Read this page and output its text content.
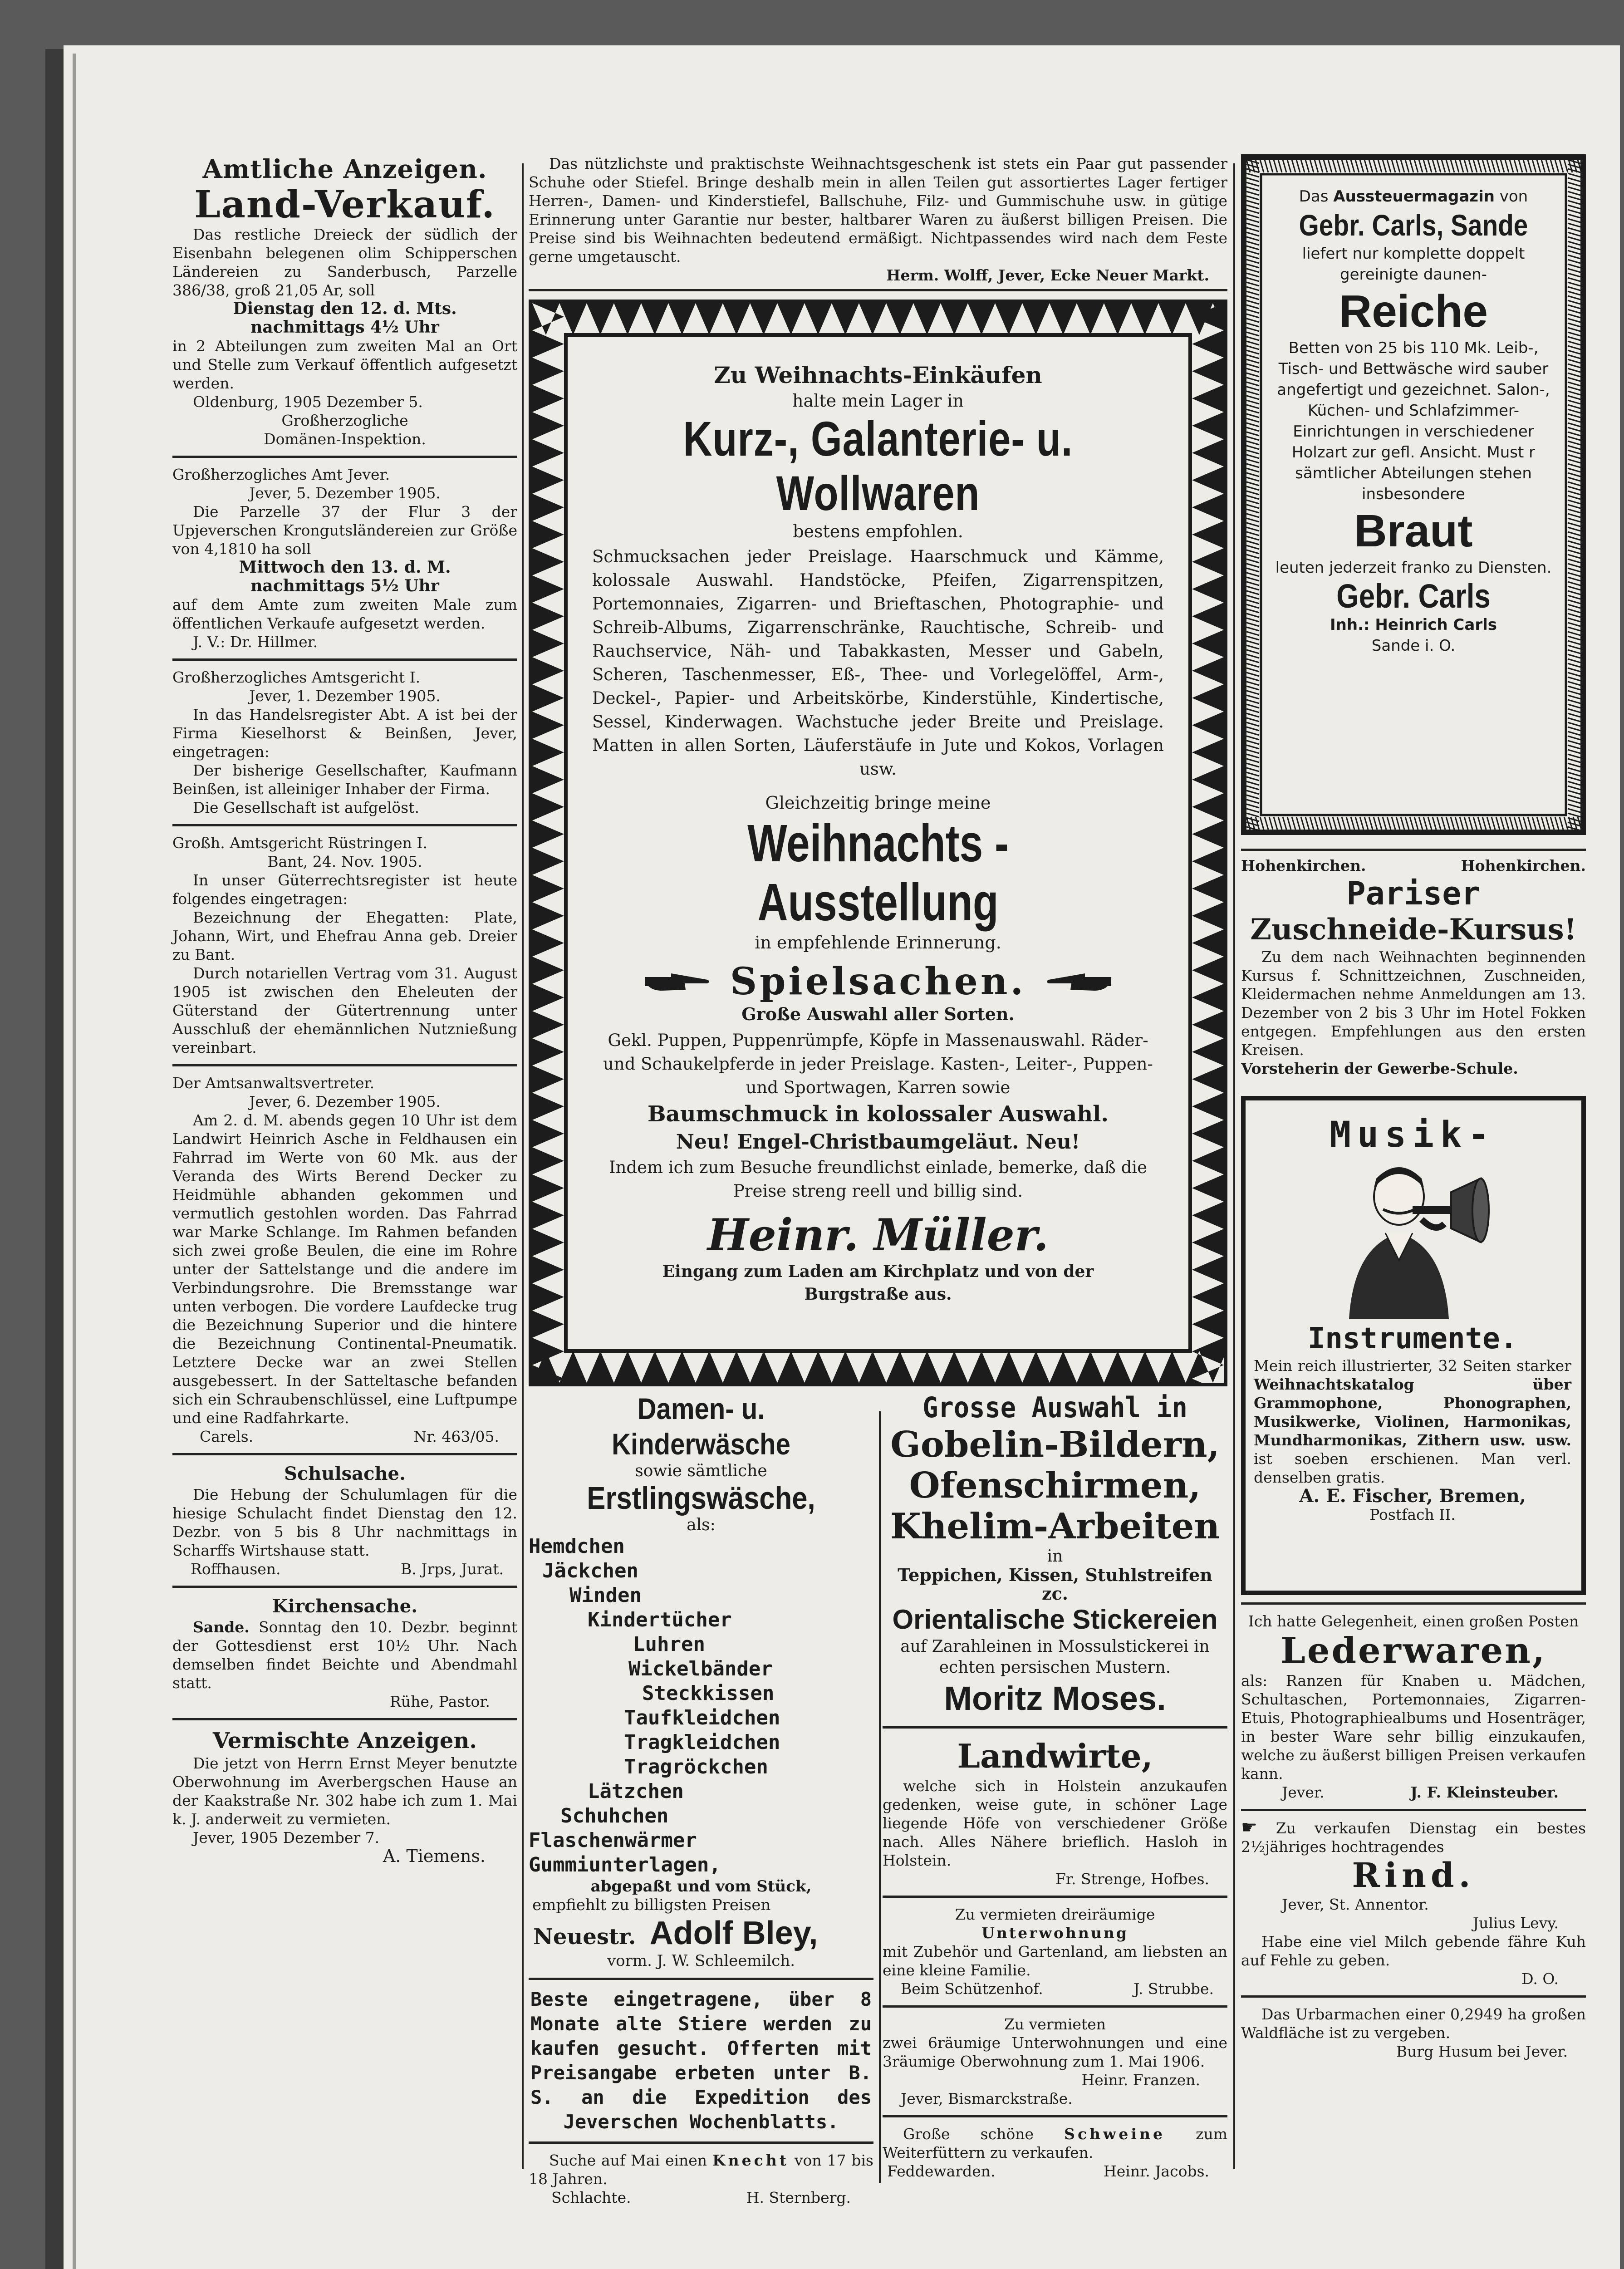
Amtliche Anzeigen.
Land-Verkauf.
Das restliche Dreieck der südlich der Eisenbahn belegenen olim Schipperschen Ländereien zu Sanderbusch, Parzelle 386/38, groß 21,05 Ar, soll
Dienstag den 12. d. Mts.
nachmittags 4½ Uhr
in 2 Abteilungen zum zweiten Mal an Ort und Stelle zum Verkauf öffentlich aufgesetzt werden.
Oldenburg, 1905 Dezember 5.
Großherzogliche
Domänen-Inspektion.
Großherzogliches Amt Jever.
Jever, 5. Dezember 1905.
Die Parzelle 37 der Flur 3 der Upjeverschen Krongutsländereien zur Größe von 4,1810 ha soll
Mittwoch den 13. d. M.
nachmittags 5½ Uhr
auf dem Amte zum zweiten Male zum öffentlichen Verkaufe aufgesetzt werden.
J. V.: Dr. Hillmer.
Großherzogliches Amtsgericht I.
Jever, 1. Dezember 1905.
In das Handelsregister Abt. A ist bei der Firma Kieselhorst & Beinßen, Jever, eingetragen:
Der bisherige Gesellschafter, Kaufmann Beinßen, ist alleiniger Inhaber der Firma.
Die Gesellschaft ist aufgelöst.
Großh. Amtsgericht Rüstringen I.
Bant, 24. Nov. 1905.
In unser Güterrechtsregister ist heute folgendes eingetragen:
Bezeichnung der Ehegatten: Plate, Johann, Wirt, und Ehefrau Anna geb. Dreier zu Bant.
Durch notariellen Vertrag vom 31. August 1905 ist zwischen den Eheleuten der Güterstand der Gütertrennung unter Ausschluß der ehemännlichen Nutznießung vereinbart.
Der Amtsanwaltsvertreter.
Jever, 6. Dezember 1905.
Am 2. d. M. abends gegen 10 Uhr ist dem Landwirt Heinrich Asche in Feldhausen ein Fahrrad im Werte von 60 Mk. aus der Veranda des Wirts Berend Decker zu Heidmühle abhanden gekommen und vermutlich gestohlen worden. Das Fahrrad war Marke Schlange. Im Rahmen befanden sich zwei große Beulen, die eine im Rohre unter der Sattelstange und die andere im Verbindungsrohre. Die Bremsstange war unten verbogen. Die vordere Laufdecke trug die Bezeichnung Superior und die hintere die Bezeichnung Continental-Pneumatik. Letztere Decke war an zwei Stellen ausgebessert. In der Satteltasche befanden sich ein Schraubenschlüssel, eine Luftpumpe und eine Radfahrkarte.
Carels.	Nr. 463/05.
Schulsache.
Die Hebung der Schulumlagen für die hiesige Schulacht findet Dienstag den 12. Dezbr. von 5 bis 8 Uhr nachmittags in Scharffs Wirtshause statt.
Roffhausen.	B. Jrps, Jurat.
Kirchensache.
Sande. Sonntag den 10. Dezbr. beginnt der Gottesdienst erst 10½ Uhr. Nach demselben findet Beichte und Abendmahl statt.
Rühe, Pastor.
Vermischte Anzeigen.
Die jetzt von Herrn Ernst Meyer benutzte Oberwohnung im Averbergschen Hause an der Kaakstraße Nr. 302 habe ich zum 1. Mai k. J. anderweit zu vermieten.
Jever, 1905 Dezember 7.
A. Tiemens.
Das nützlichste und praktischste Weihnachtsgeschenk ist stets ein Paar gut passender Schuhe oder Stiefel. Bringe deshalb mein in allen Teilen gut assortiertes Lager fertiger Herren-, Damen- und Kinderstiefel, Ballschuhe, Filz- und Gummischuhe usw. in gütige Erinnerung unter Garantie nur bester, haltbarer Waren zu äußerst billigen Preisen. Die Preise sind bis Weihnachten bedeutend ermäßigt. Nichtpassendes wird nach dem Feste gerne umgetauscht.
Herm. Wolff, Jever, Ecke Neuer Markt.
Zu Weihnachts-Einkäufen
halte mein Lager in
Kurz-, Galanterie- u. Wollwaren
bestens empfohlen.
Schmucksachen jeder Preislage. Haarschmuck und Kämme, kolossale Auswahl. Handstöcke, Pfeifen, Zigarrenspitzen, Portemonnaies, Zigarren- und Brieftaschen, Photographie- und Schreib-Albums, Zigarrenschränke, Rauchtische, Schreib- und Rauchservice, Näh- und Tabakkasten, Messer und Gabeln, Scheren, Taschenmesser, Eß-, Thee- und Vorlegelöffel, Arm-, Deckel-, Papier- und Arbeitskörbe, Kinderstühle, Kindertische, Sessel, Kinderwagen. Wachstuche jeder Breite und Preislage. Matten in allen Sorten, Läuferstäufe in Jute und Kokos, Vorlagen usw.
Gleichzeitig bringe meine
Weihnachts - Ausstellung
in empfehlende Erinnerung.
Spielsachen.
Große Auswahl aller Sorten.
Gekl. Puppen, Puppenrümpfe, Köpfe in Massenauswahl. Räder- und Schaukelpferde in jeder Preislage. Kasten-, Leiter-, Puppen- und Sportwagen, Karren sowie
Baumschmuck in kolossaler Auswahl.
Neu! Engel-Christbaumgeläut. Neu!
Indem ich zum Besuche freundlichst einlade, bemerke, daß die Preise streng reell und billig sind.
Heinr. Müller.
Eingang zum Laden am Kirchplatz und von der Burgstraße aus.
Damen- u. Kinderwäsche
sowie sämtliche
Erstlingswäsche,
als:
Hemdchen
Jäckchen
Winden
Kindertücher
Luhren
Wickelbänder
Steckkissen
Taufkleidchen
Tragkleidchen
Tragröckchen
Lätzchen
Schuhchen
Flaschenwärmer
Gummiunterlagen,
abgepaßt und vom Stück,
empfiehlt zu billigsten Preisen
Neuestr. Adolf Bley,
vorm. J. W. Schleemilch.
Beste eingetragene, über 8 Monate alte Stiere werden zu kaufen gesucht. Offerten mit Preisangabe erbeten unter B. S. an die Expedition des Jeverschen Wochenblatts.
Suche auf Mai einen Knecht von 17 bis 18 Jahren.
Schlachte.	H. Sternberg.
Grosse Auswahl in
Gobelin-Bildern,
Ofenschirmen,
Khelim-Arbeiten
in
Teppichen, Kissen, Stuhlstreifen zc.
Orientalische Stickereien
auf Zarahleinen in Mossulstickerei in echten persischen Mustern.
Moritz Moses.
Landwirte,
welche sich in Holstein anzukaufen gedenken, weise gute, in schöner Lage liegende Höfe von verschiedener Größe nach. Alles Nähere brieflich. Hasloh in Holstein.
Fr. Strenge, Hofbes.
Zu vermieten dreiräumige
Unterwohnung
mit Zubehör und Gartenland, am liebsten an eine kleine Familie.
Beim Schützenhof.	J. Strubbe.
Zu vermieten
zwei 6räumige Unterwohnungen und eine 3räumige Oberwohnung zum 1. Mai 1906.
Heinr. Franzen.
Jever, Bismarckstraße.
Große schöne Schweine zum Weiterfüttern zu verkaufen.
Feddewarden.	Heinr. Jacobs.
Das Aussteuermagazin von
Gebr. Carls, Sande
liefert nur komplette doppelt gereinigte daunen-
Reiche
Betten von 25 bis 110 Mk. Leib-, Tisch- und Bettwäsche wird sauber angefertigt und gezeichnet. Salon-, Küchen- und Schlafzimmer-Einrichtungen in verschiedener Holzart zur gefl. Ansicht. Must r sämtlicher Abteilungen stehen insbesondere
Braut
leuten jederzeit franko zu Diensten.
Gebr. Carls
Inh.: Heinrich Carls
Sande i. O.
Hohenkirchen.	Hohenkirchen.
Pariser
Zuschneide-Kursus!
Zu dem nach Weihnachten beginnenden Kursus f. Schnittzeichnen, Zuschneiden, Kleidermachen nehme Anmeldungen am 13. Dezember von 2 bis 3 Uhr im Hotel Fokken entgegen. Empfehlungen aus den ersten Kreisen.
Vorsteherin der Gewerbe-Schule.
Musik-
Instrumente.
Mein reich illustrierter, 32 Seiten starker Weihnachtskatalog über Grammophone, Phonographen, Musikwerke, Violinen, Harmonikas, Mundharmonikas, Zithern usw. usw. ist soeben erschienen. Man verl. denselben gratis.
A. E. Fischer, Bremen,
Postfach II.
Ich hatte Gelegenheit, einen großen Posten
Lederwaren,
als: Ranzen für Knaben u. Mädchen, Schultaschen, Portemonnaies, Zigarren-Etuis, Photographiealbums und Hosenträger, in bester Ware sehr billig einzukaufen, welche zu äußerst billigen Preisen verkaufen kann.
Jever.	J. F. Kleinsteuber.
☛ Zu verkaufen Dienstag ein bestes 2½jähriges hochtragendes
Rind.
Jever, St. Annentor.
Julius Levy.
Habe eine viel Milch gebende fähre Kuh auf Fehle zu geben.
D. O.
Das Urbarmachen einer 0,2949 ha großen Waldfläche ist zu vergeben.
Burg Husum bei Jever.
